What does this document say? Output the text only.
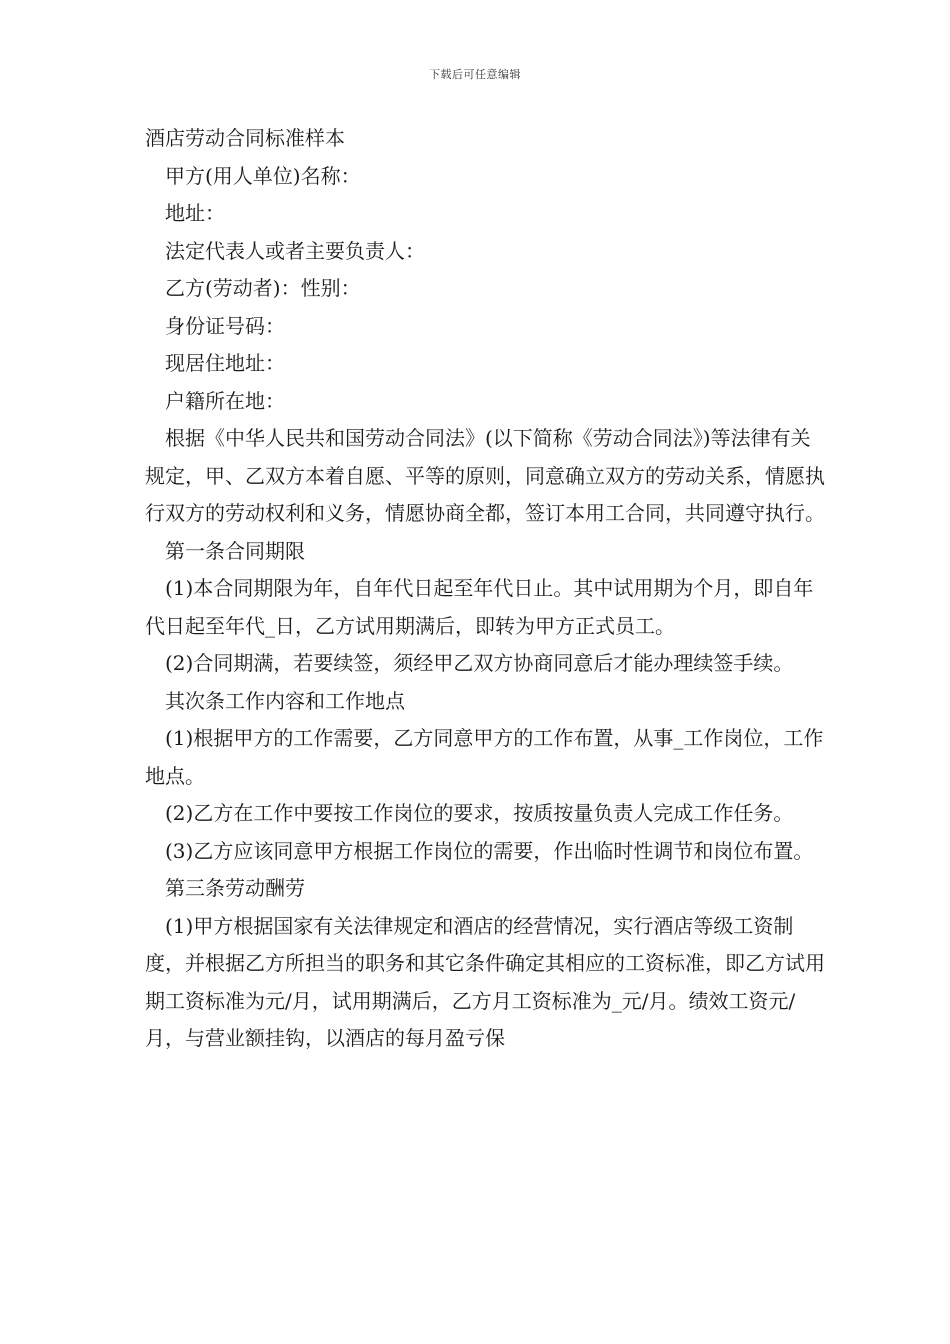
下载后可任意编辑

酒店劳动合同标准样本

甲方(用人单位)名称：

地址：

法定代表人或者主要负责人：

乙方(劳动者)：性别：

身份证号码：

现居住地址：

户籍所在地：

根据《中华人民共和国劳动合同法》(以下简称《劳动合同法》)等法律有关规定，甲、乙双方本着自愿、平等的原则，同意确立双方的劳动关系，情愿执行双方的劳动权利和义务，情愿协商全都，签订本用工合同，共同遵守执行。

第一条合同期限

(1)本合同期限为年，自年代日起至年代日止。其中试用期为个月，即自年代日起至年代_日，乙方试用期满后，即转为甲方正式员工。

(2)合同期满，若要续签，须经甲乙双方协商同意后才能办理续签手续。

其次条工作内容和工作地点

(1)根据甲方的工作需要，乙方同意甲方的工作布置，从事_工作岗位，工作地点。

(2)乙方在工作中要按工作岗位的要求，按质按量负责人完成工作任务。

(3)乙方应该同意甲方根据工作岗位的需要，作出临时性调节和岗位布置。

第三条劳动酬劳

(1)甲方根据国家有关法律规定和酒店的经营情况，实行酒店等级工资制度，并根据乙方所担当的职务和其它条件确定其相应的工资标准，即乙方试用期工资标准为元/月，试用期满后，乙方月工资标准为_元/月。绩效工资元/月，与营业额挂钩，以酒店的每月盈亏保
